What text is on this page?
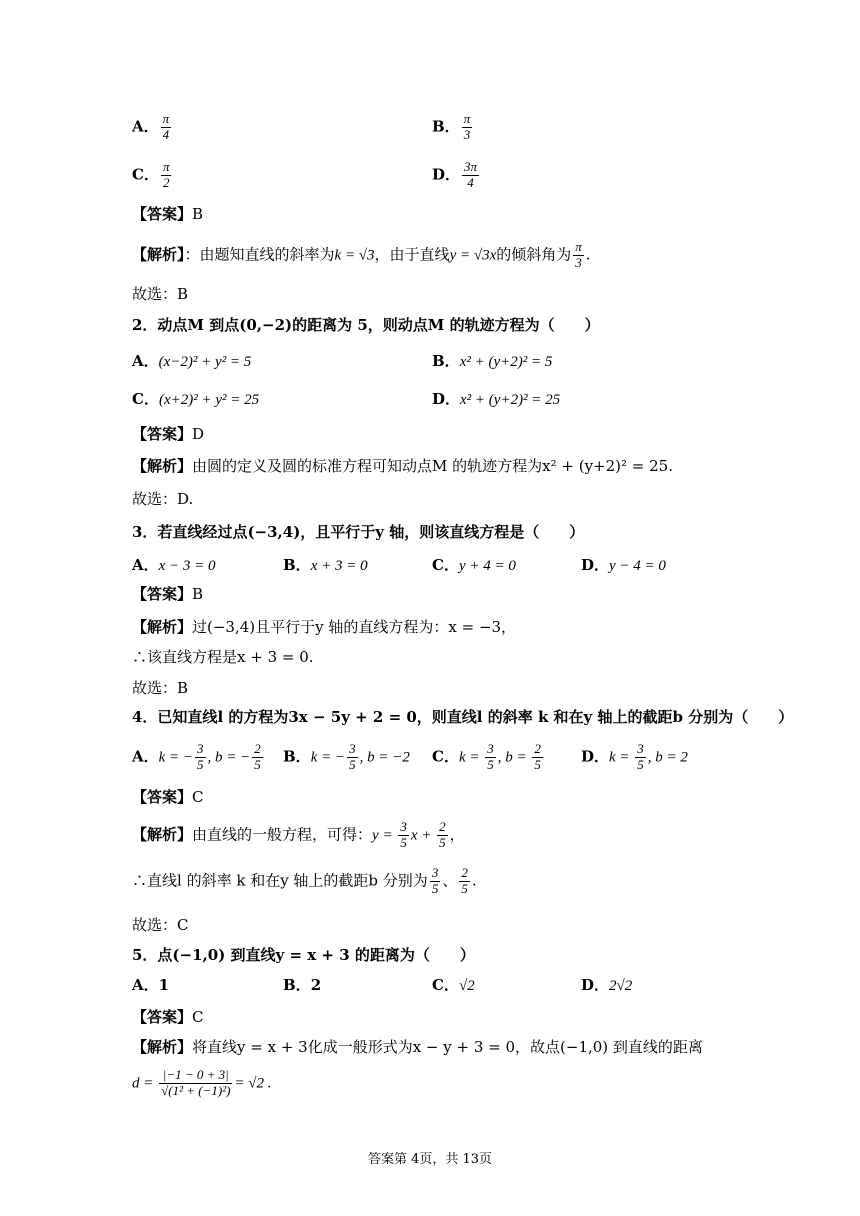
A． $\frac{\pi}{4}$	B． $\frac{\pi}{3}$
C． $\frac{\pi}{2}$	D． $\frac{3\pi}{4}$
【答案】B
【解析】：由题知直线的斜率为k = √3，由于直线y = √3x的倾斜角为 $\frac{\pi}{3}$ .
故选：B
2．动点M 到点(0,−2)的距离为 5，则动点M 的轨迹方程为（　　）
A．(x−2)² + y² = 5	B．x² + (y+2)² = 5
C．(x+2)² + y² = 25	D．x² + (y+2)² = 25
【答案】D
【解析】由圆的定义及圆的标准方程可知动点M 的轨迹方程为x² + (y+2)² = 25.
故选：D.
3．若直线经过点(−3,4)，且平行于y 轴，则该直线方程是（　　）
A．x − 3 = 0	B．x + 3 = 0	C．y + 4 = 0	D．y − 4 = 0
【答案】B
【解析】过(−3,4)且平行于y 轴的直线方程为：x = −3，
∴该直线方程是x + 3 = 0.
故选：B
4．已知直线l 的方程为3x − 5y + 2 = 0，则直线l 的斜率 k 和在y 轴上的截距b 分别为（　　）
A．k = − $\frac{3}{5}$ , b = − $\frac{2}{5}$ B．k = − $\frac{3}{5}$ , b = −2 C．$k = \frac{3}{5}$ , $b = \frac{2}{5}$	D．$k = \frac{3}{5}$ , b = 2
【答案】C
【解析】由直线的一般方程，可得：$y = \frac{3}{5}$ $x + \frac{2}{5}$ ，
∴直线l 的斜率 k 和在y 轴上的截距b 分别为 $\frac{3}{5}$ 、 $\frac{2}{5}$ .
故选：C
5．点(−1,0) 到直线y = x + 3 的距离为（　　）
A．1	B．2	C．√2	D．2√2
【答案】C
【解析】将直线y = x + 3化成一般形式为x − y + 3 = 0，故点(−1,0) 到直线的距离
$d = \frac{|-1 - 0 + 3|}{\text{√(1² + (−1)²)}} = √2$ .
答案第 4页，共 13页
